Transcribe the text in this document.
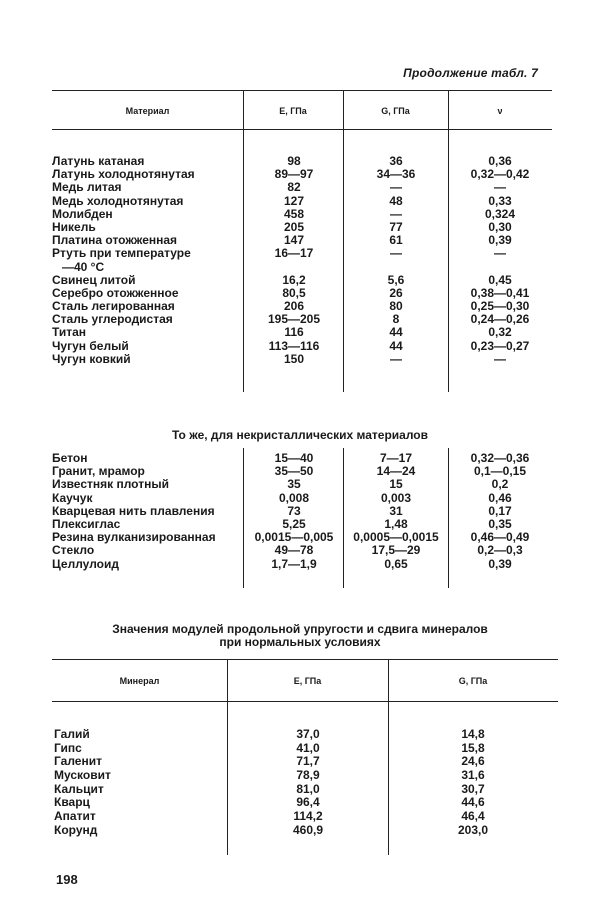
Продолжение табл. 7
Материал	E, ГПа	G, ГПа	ν
Латунь катаная	98	36	0,36
Латунь холоднотянутая	89—97	34—36	0,32—0,42
Медь литая	82	—	—
Медь холоднотянутая	127	48	0,33
Молибден	458	—	0,324
Никель	205	77	0,30
Платина отожженная	147	61	0,39
Ртуть при температуре	16—17	—	—
—40 °С
Свинец литой	16,2	5,6	0,45
Серебро отожженное	80,5	26	0,38—0,41
Сталь легированная	206	80	0,25—0,30
Сталь углеродистая	195—205	8	0,24—0,26
Титан	116	44	0,32
Чугун белый	113—116	44	0,23—0,27
Чугун ковкий	150	—	—
То же, для некристаллических материалов
Бетон	15—40	7—17	0,32—0,36
Гранит, мрамор	35—50	14—24	0,1—0,15
Известняк плотный	35	15	0,2
Каучук	0,008	0,003	0,46
Кварцевая нить плавления	73	31	0,17
Плексиглас	5,25	1,48	0,35
Резина вулканизированная	0,0015—0,005	0,0005—0,0015	0,46—0,49
Стекло	49—78	17,5—29	0,2—0,3
Целлулоид	1,7—1,9	0,65	0,39
Значения модулей продольной упругости и сдвига минералов
при нормальных условиях
Минерал	E, ГПа	G, ГПа
Галий	37,0	14,8
Гипс	41,0	15,8
Галенит	71,7	24,6
Мусковит	78,9	31,6
Кальцит	81,0	30,7
Кварц	96,4	44,6
Апатит	114,2	46,4
Корунд	460,9	203,0
198
